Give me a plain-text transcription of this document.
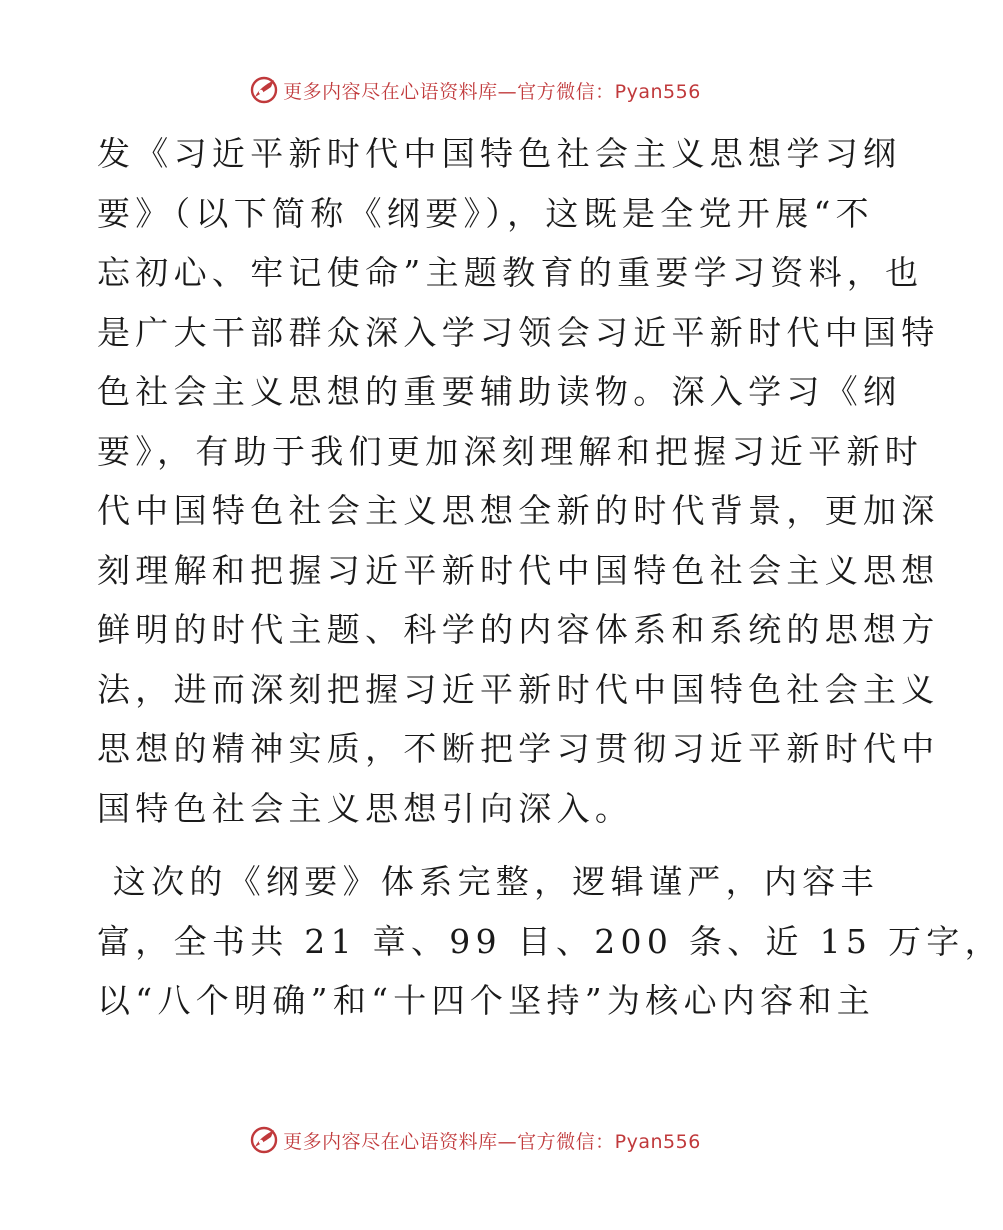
更多内容尽在心语资料库—官方微信：Pyan556
发《习近平新时代中国特色社会主义思想学习纲
要》（以下简称《纲要》），这既是全党开展“不
忘初心、牢记使命”主题教育的重要学习资料，也
是广大干部群众深入学习领会习近平新时代中国特
色社会主义思想的重要辅助读物。深入学习《纲
要》，有助于我们更加深刻理解和把握习近平新时
代中国特色社会主义思想全新的时代背景，更加深
刻理解和把握习近平新时代中国特色社会主义思想
鲜明的时代主题、科学的内容体系和系统的思想方
法，进而深刻把握习近平新时代中国特色社会主义
思想的精神实质，不断把学习贯彻习近平新时代中
国特色社会主义思想引向深入。
这次的《纲要》体系完整，逻辑谨严，内容丰
富，全书共 21 章、99 目、200 条、近 15 万字，
以“八个明确”和“十四个坚持”为核心内容和主
更多内容尽在心语资料库—官方微信：Pyan556
